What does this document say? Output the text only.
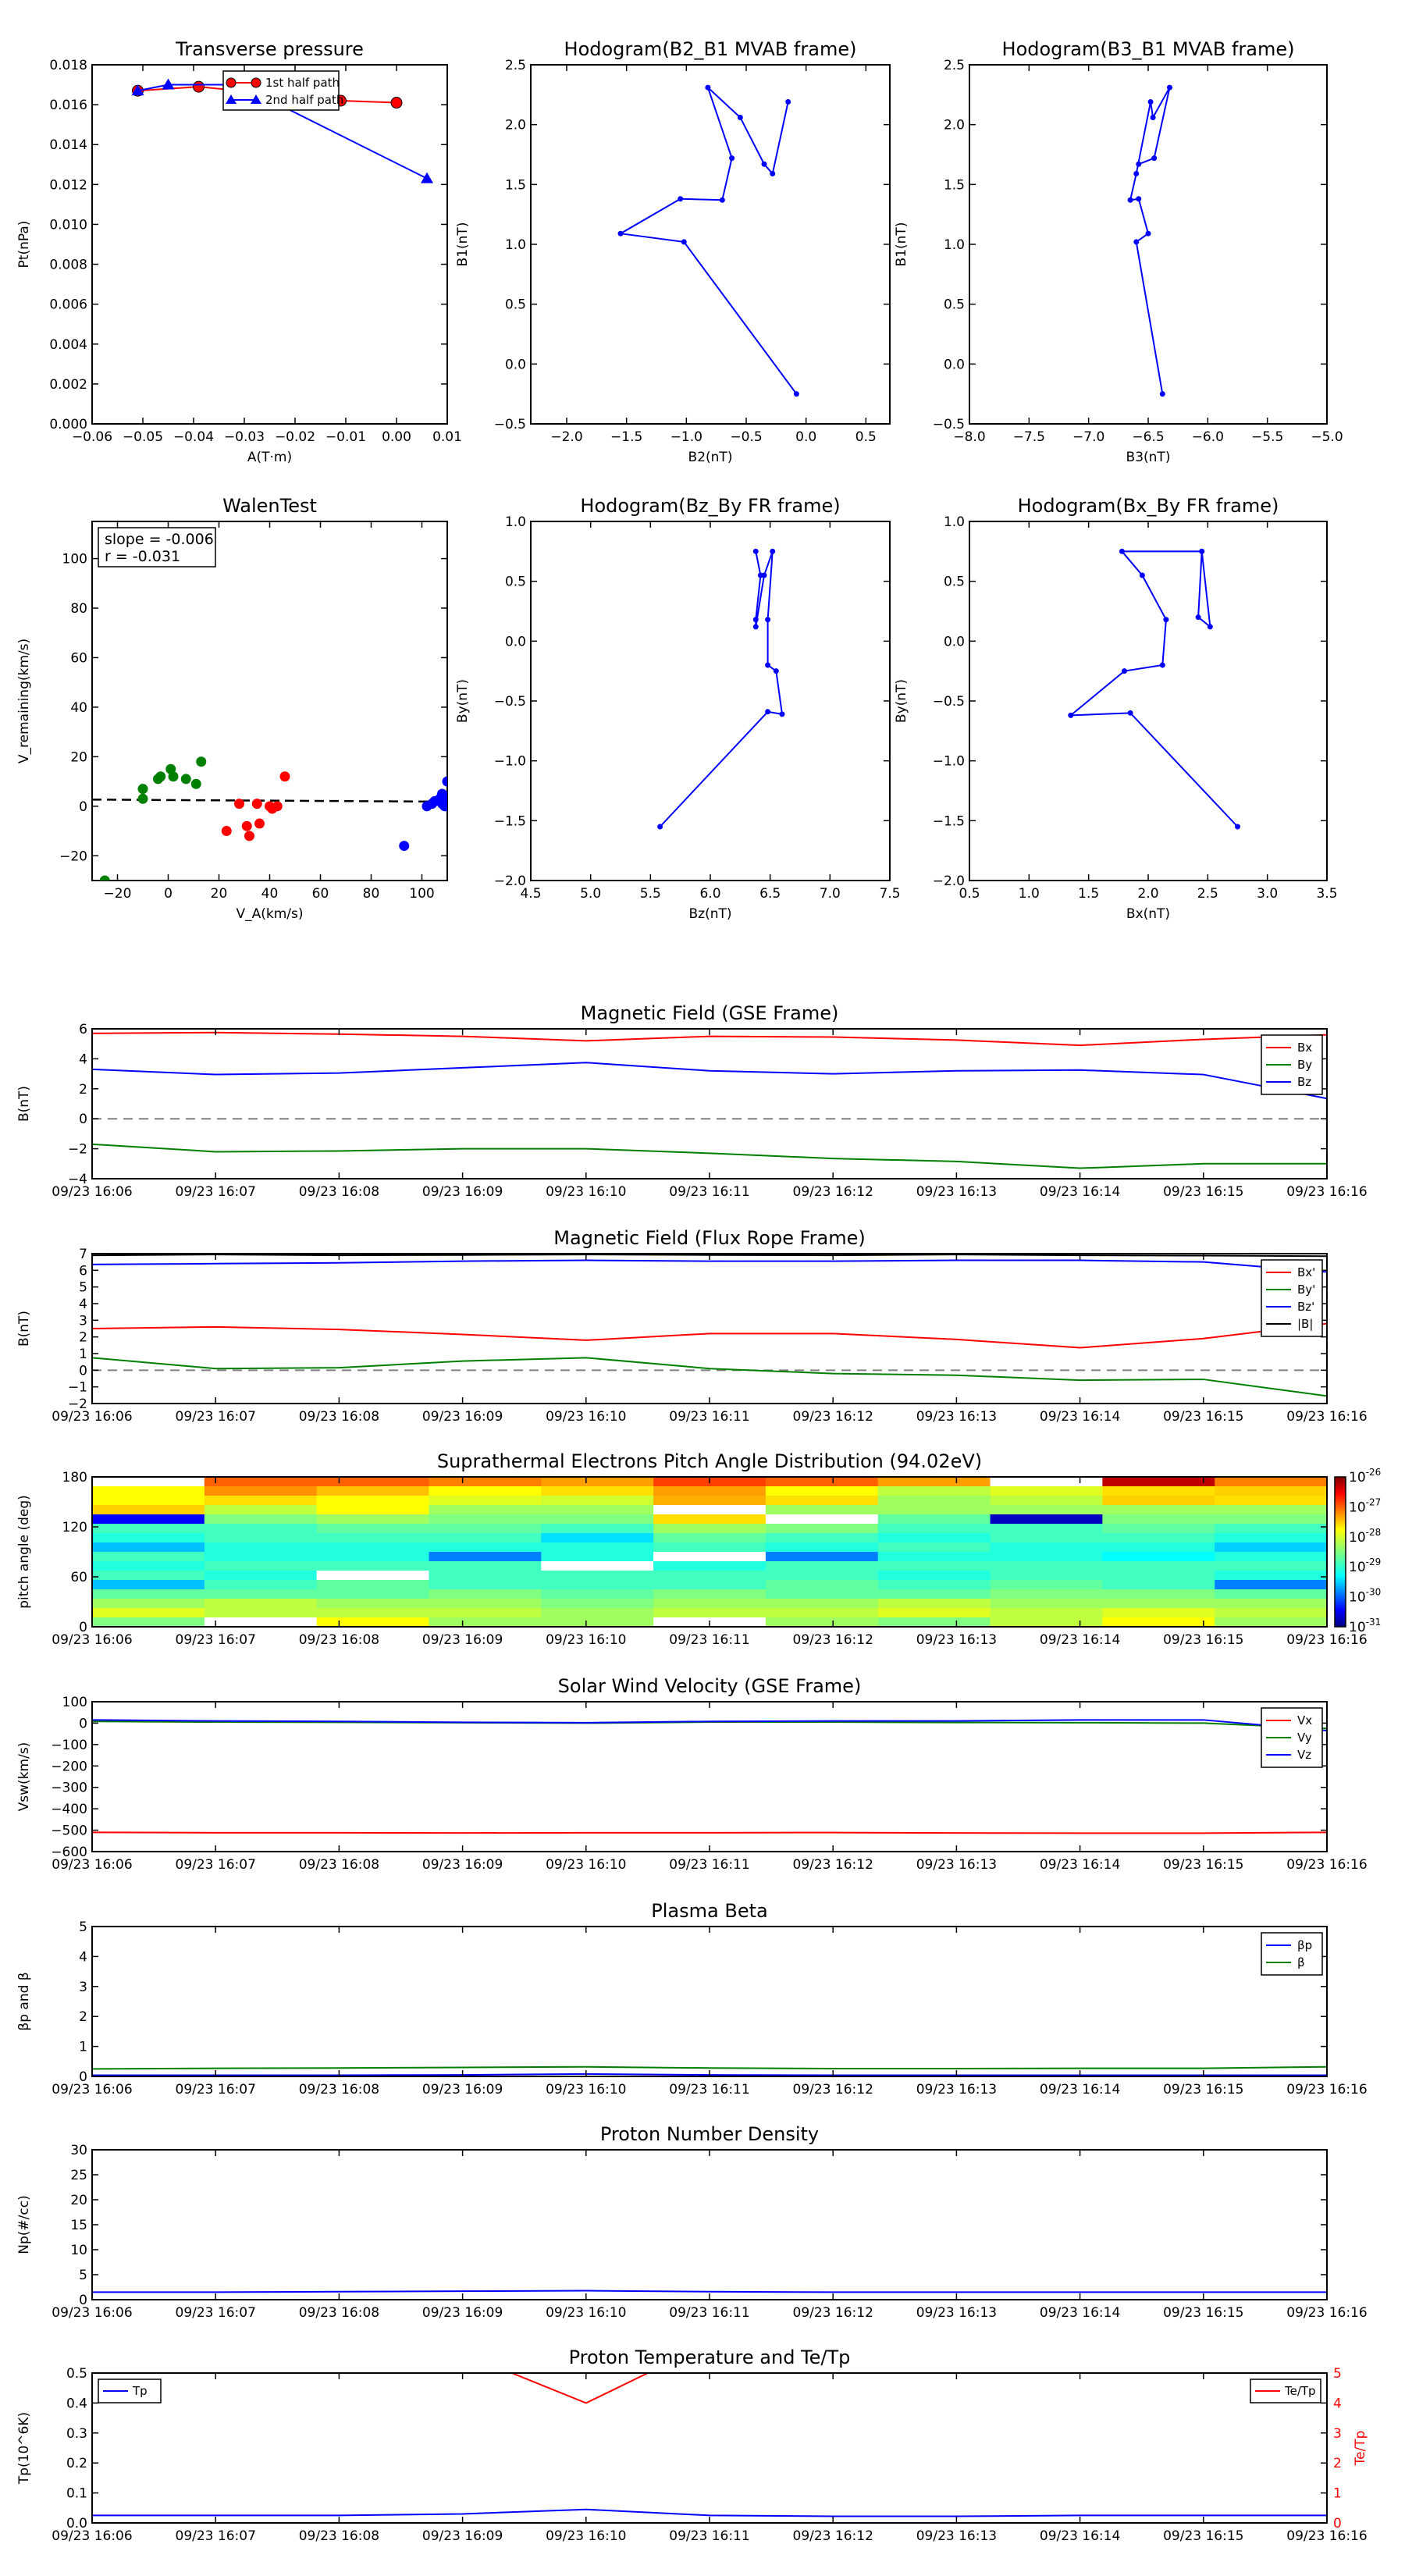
Transverse pressure
−0.06 −0.05 −0.04 −0.03 −0.02 −0.01 0.00 0.01
0.000
0.002
0.004
0.006
0.008
0.010
0.012
0.014
0.016
0.018
A(T·m)
Pt(nPa)
1st half path
2nd half path
Hodogram(B2_B1 MVAB frame)
−2.0 −1.5 −1.0 −0.5	0.0	0.5
−0.5
0.0
0.5
1.0
1.5
2.0
2.5
B2(nT)
B1(nT)
Hodogram(B3_B1 MVAB frame)
−8.0 −7.5 −7.0 −6.5 −6.0 −5.5 −5.0
−0.5
0.0
0.5
1.0
1.5
2.0
2.5
B3(nT)
B1(nT)
WalenTest
−20 0	20	40	60	80 100
−20
0
20
40
60
80
100
V_A(km/s)
V_remaining(km/s)
slope = -0.006
r = -0.031
Hodogram(Bz_By FR frame)
4.5	5.0	5.5	6.0	6.5	7.0	7.5
−2.0
−1.5
−1.0
−0.5
0.0
0.5
1.0
Bz(nT)
By(nT)
Hodogram(Bx_By FR frame)
0.5	1.0	1.5	2.0	2.5	3.0	3.5
−2.0
−1.5
−1.0
−0.5
0.0
0.5
1.0
Bx(nT)
By(nT)
Magnetic Field (GSE Frame)
09/23 16:06	09/23 16:07	09/23 16:08	09/23 16:09	09/23 16:10	09/23 16:11	09/23 16:12	09/23 16:13	09/23 16:14	09/23 16:15	09/23 16:16
−4
−2
0
2
4
6
B(nT)
Bx
By
Bz
Magnetic Field (Flux Rope Frame)
09/23 16:06	09/23 16:07	09/23 16:08	09/23 16:09	09/23 16:10	09/23 16:11	09/23 16:12	09/23 16:13	09/23 16:14	09/23 16:15	09/23 16:16
−2
−1
0
1
2
3
4
5
6
7
B(nT)
Bx'
By'
Bz'
|B|
Suprathermal Electrons Pitch Angle Distribution (94.02eV)
09/23 16:06	09/23 16:07	09/23 16:08	09/23 16:09	09/23 16:10	09/23 16:11	09/23 16:12	09/23 16:13	09/23 16:14	09/23 16:15	09/23 16:16
0
60
120
180
pitch angle (deg)
$10^{-26}$
$10^{-27}$
$10^{-28}$
$10^{-29}$
$10^{-30}$
$10^{-31}$
Solar Wind Velocity (GSE Frame)
09/23 16:06	09/23 16:07	09/23 16:08	09/23 16:09	09/23 16:10	09/23 16:11	09/23 16:12	09/23 16:13	09/23 16:14	09/23 16:15	09/23 16:16
−600
−500
−400
−300
−200
−100
0
100
Vsw(km/s)
Vx
Vy
Vz
Plasma Beta
09/23 16:06	09/23 16:07	09/23 16:08	09/23 16:09	09/23 16:10	09/23 16:11	09/23 16:12	09/23 16:13	09/23 16:14	09/23 16:15	09/23 16:16
0
1
2
3
4
5
βp and β
βp
β
Proton Number Density
09/23 16:06	09/23 16:07	09/23 16:08	09/23 16:09	09/23 16:10	09/23 16:11	09/23 16:12	09/23 16:13	09/23 16:14	09/23 16:15	09/23 16:16
0
5
10
15
20
25
30
Np(#/cc)
Proton Temperature and Te/Tp
09/23 16:06	09/23 16:07	09/23 16:08	09/23 16:09	09/23 16:10	09/23 16:11	09/23 16:12	09/23 16:13	09/23 16:14	09/23 16:15	09/23 16:16
0.0
0.1
0.2
0.3
0.4
0.5
Tp(10^6K)
0
1
2
3
4
5
Te/Tp
Tp	Te/Tp
